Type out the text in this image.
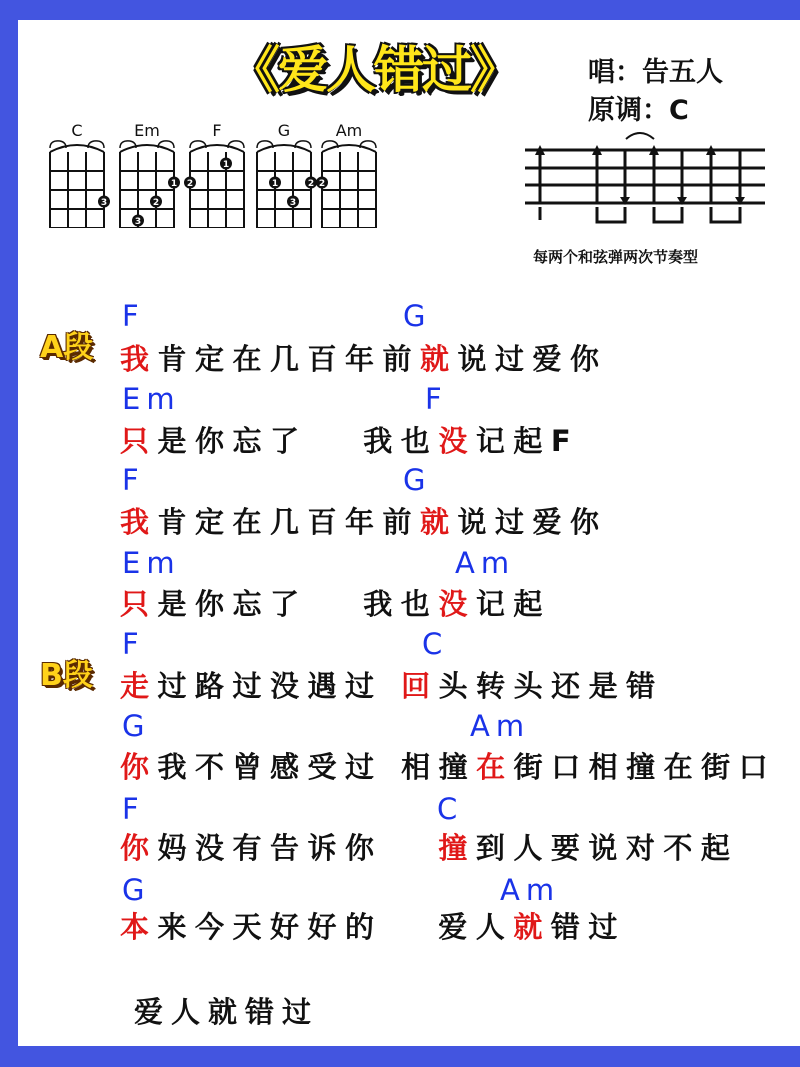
《爱人错过》	唱：告五人
原调：C
C
3
Em
1
2
3
F
1
2
G
1	2
3
Am
2
每两个和弦弹两次节奏型
A段
B段
F	G
我肯定在几百年前就说过爱你
Em	F
只是你忘了   我也没记起F
F	G
我肯定在几百年前就说过爱你
Em	Am
只是你忘了   我也没记起
F	C
走过路过没遇过 回头转头还是错
G	Am
你我不曾感受过 相撞在街口相撞在街口
F	C
你妈没有告诉你   撞到人要说对不起
G	Am
本来今天好好的   爱人就错过
爱人就错过
